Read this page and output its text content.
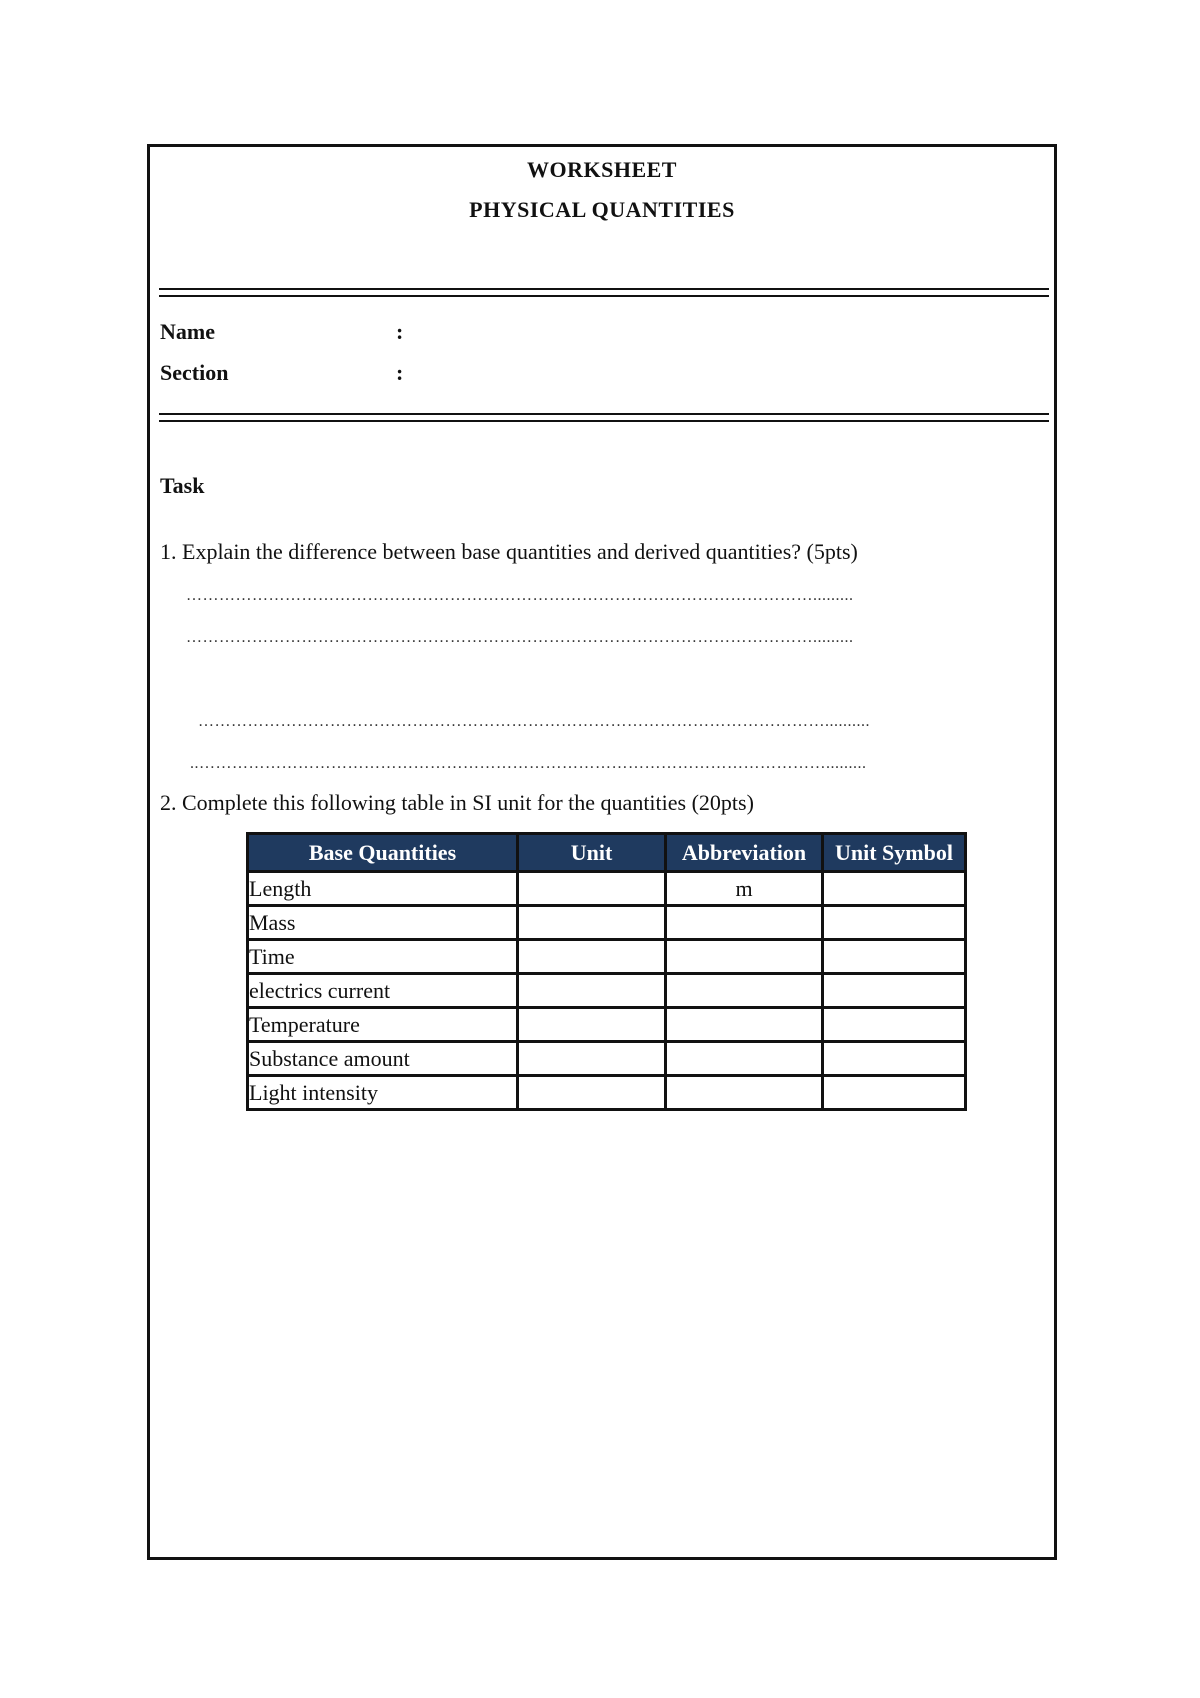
WORKSHEET
PHYSICAL QUANTITIES
Name	:
Section	:
Task
1. Explain the difference between base quantities and derived quantities? (5pts)
…………………………………………………………………………………………………….........
…………………………………………………………………………………………………….........
……………………………………………………………………………………………………..........
..…………………………………………………………………………………………………….........
2. Complete this following table in SI unit for the quantities (20pts)
Base Quantities	Unit	Abbreviation	Unit Symbol
Length		m	
Mass			
Time			
electrics current			
Temperature			
Substance amount			
Light intensity			
